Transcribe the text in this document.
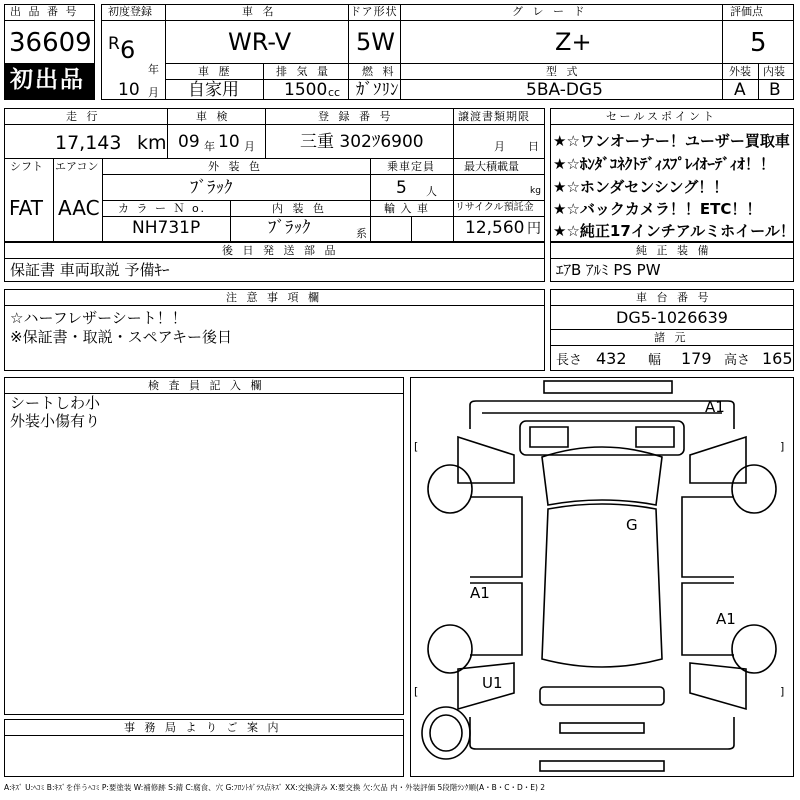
出 品 番 号
36609
初出品
初度登録
R 6
年
10 月
車 名
WR-V
ドア形状
5W
グ レ ー ド
Z+
評価点
5
車 歴
自家用
排 気 量
1500 cc
燃 料
ｶﾞｿﾘﾝ
型 式
5BA-DG5
外装
A
内装
B
走 行
17,143 km
車 検
09 年 10 月
登 録 番 号
三重 302ﾂ6900
譲渡書類期限
月 日
シフト
FAT
エアコン
AAC
外 装 色
ﾌﾞﾗｯｸ
乗車定員
5 人
最大積載量
kg
カ ラ ー Ｎ o.
NH731P
内 装 色
ﾌﾞﾗｯｸ	系
輸 入 車	リサイクル預託金
12,560 円
セールスポイント
★☆ワンオーナー！ユーザー買取車
★☆ﾎﾝﾀﾞｺﾈｸﾄﾃﾞｨｽﾌﾟﾚｲｵｰﾃﾞｨｵ！！
★☆ホンダセンシング！！
★☆バックカメラ！！ETC！！
★☆純正17インチアルミホイール！
後 日 発 送 部 品
保証書 車両取説 予備ｷｰ
純 正 装 備
ｴｱB ｱﾙﾐ PS PW
注 意 事 項 欄
☆ハーフレザーシート！！
※保証書・取説・スペアキー後日
車 台 番 号
DG5-1026639
諸 元
長さ 432 幅 179 高さ 165
検 査 員 記 入 欄
シートしわ小
外装小傷有り
事 務 局 よ り ご 案 内
A1
G
A1
A1
U1
[	]
[	]
A:ｷｽﾞ U:ﾍｺﾐ B:ｷｽﾞを伴うﾍｺﾐ P:要塗装 W:補修跡 S:錆 C:腐食、穴 G:ﾌﾛﾝﾄｶﾞﾗｽ点ｷｽﾞ XX:交換済み X:要交換 欠:欠品 内・外装評価 5段階ﾗﾝｸ順(A・B・C・D・E) 2
